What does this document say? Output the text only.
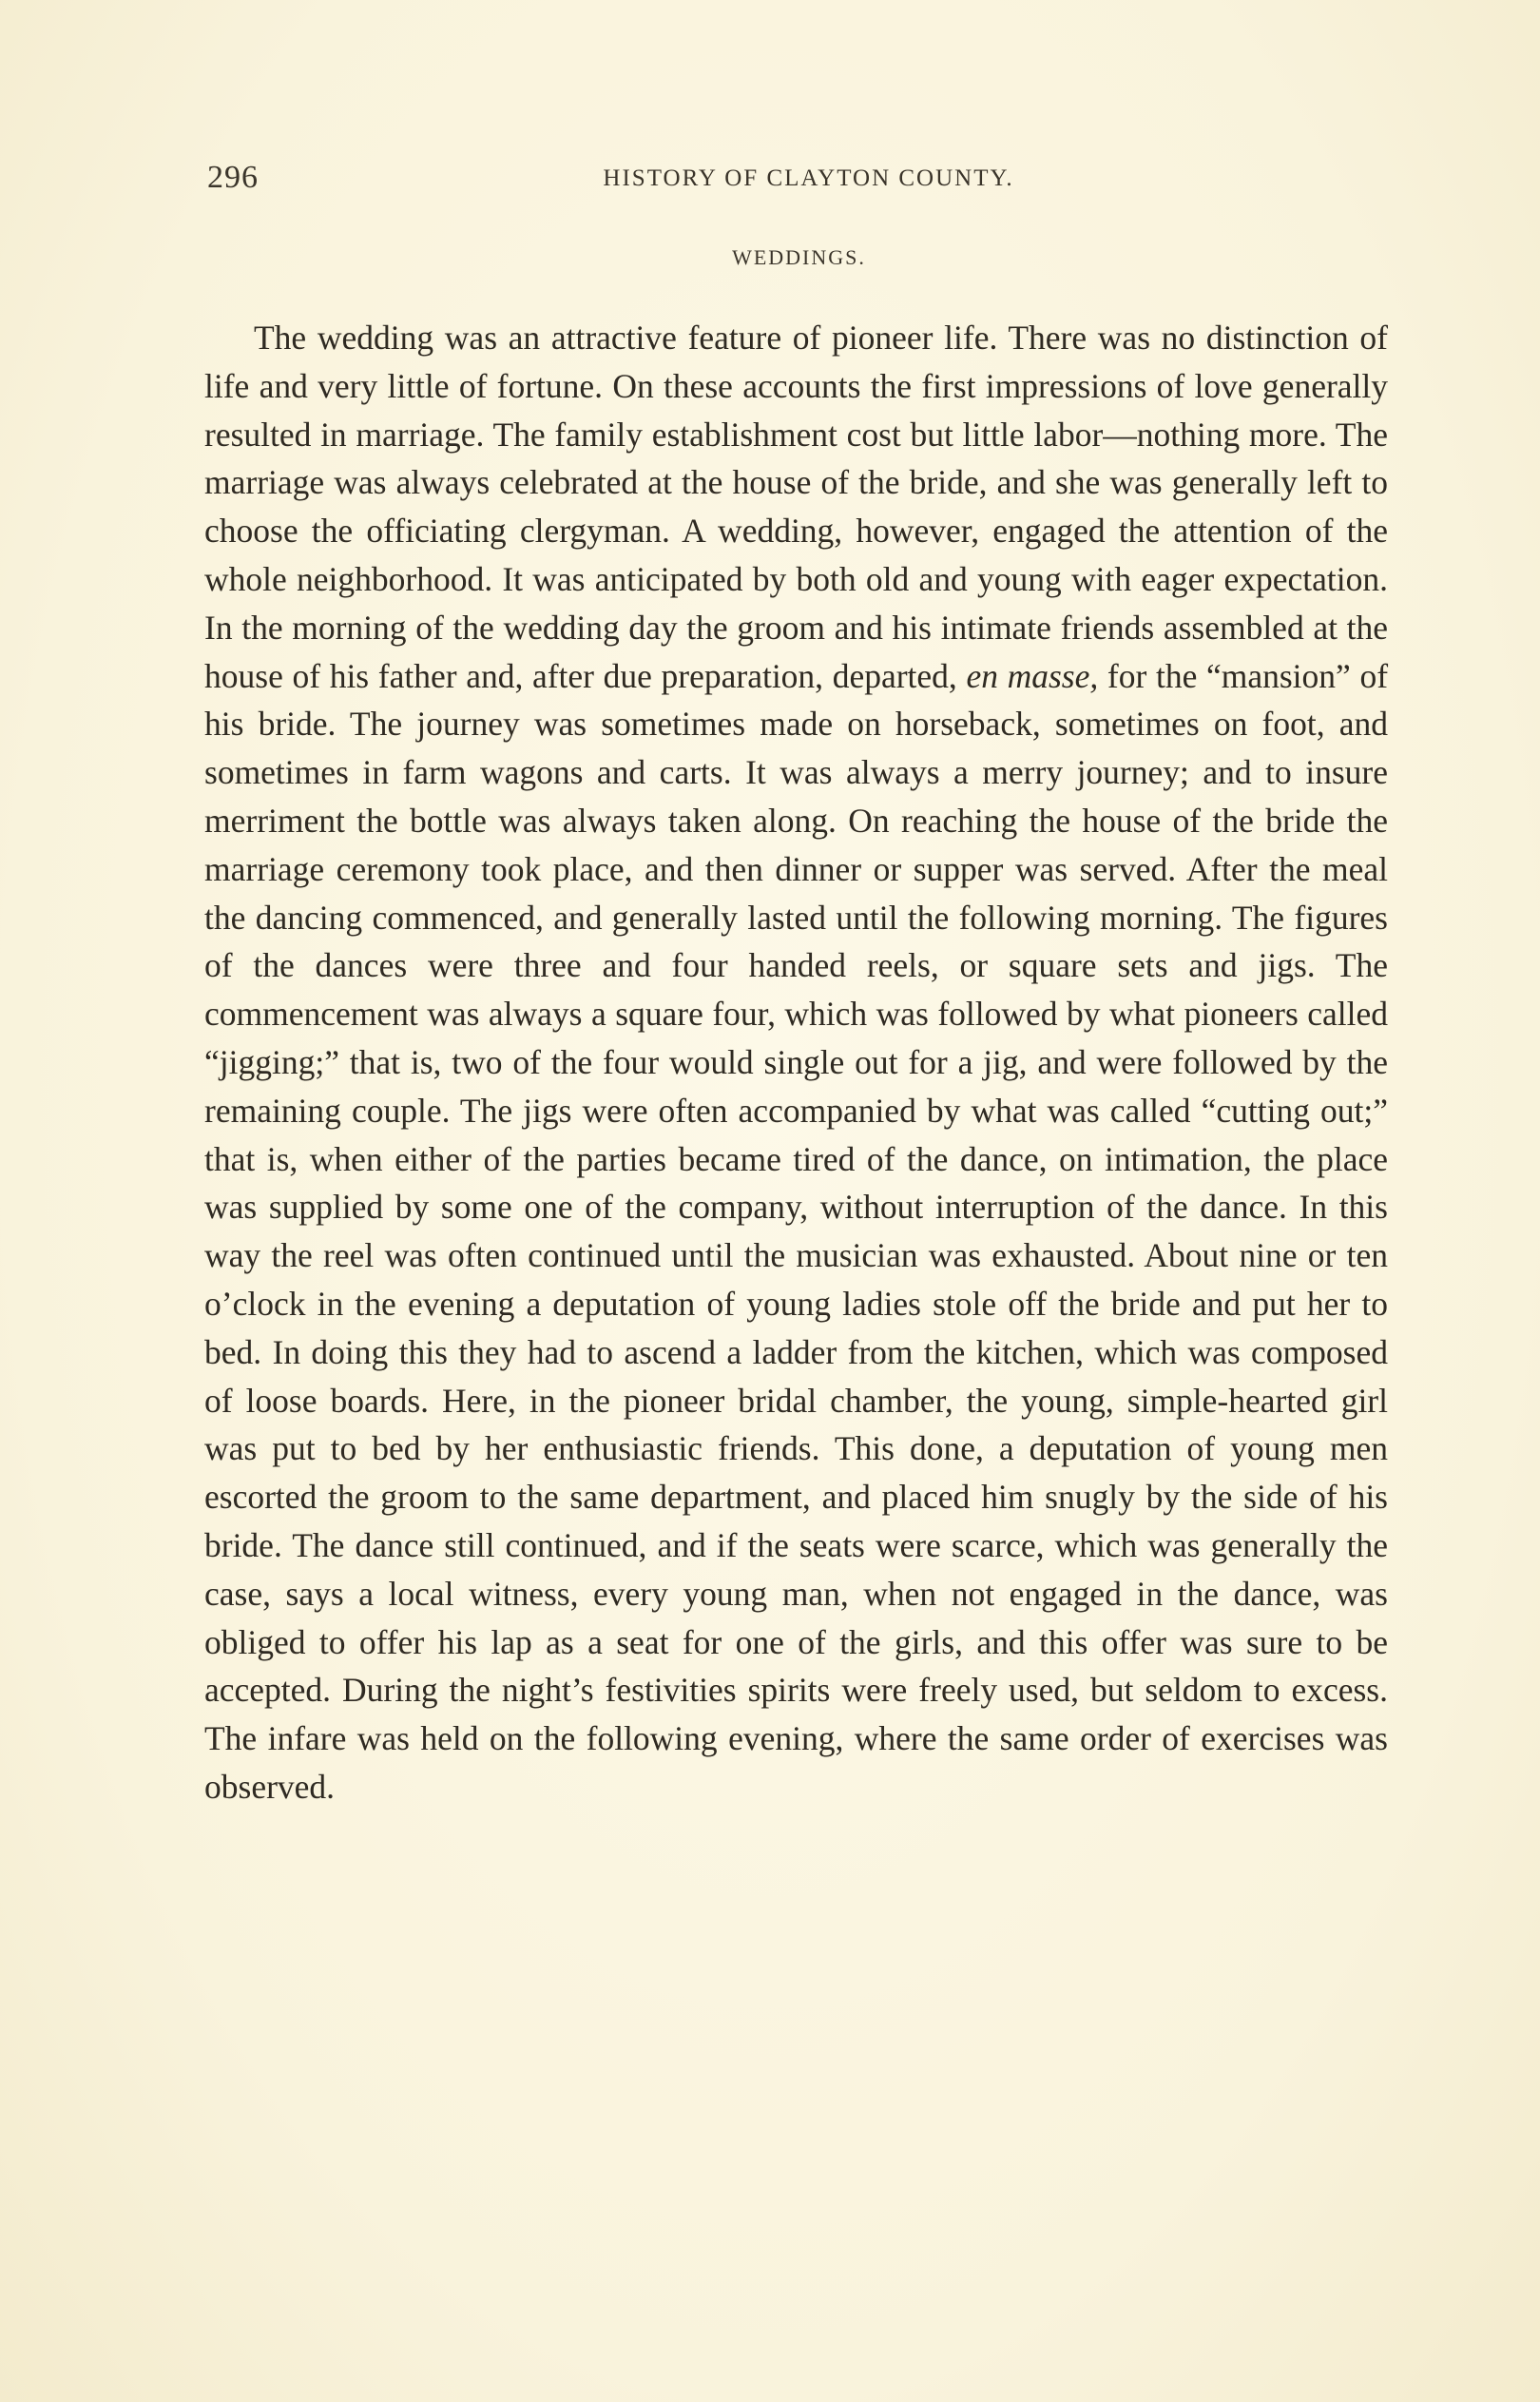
296	HISTORY OF CLAYTON COUNTY.
WEDDINGS.

The wedding was an attractive feature of pioneer life. There was no distinction of life and very little of fortune. On these accounts the first impressions of love generally resulted in marriage. The family establishment cost but little labor—nothing more. The marriage was always celebrated at the house of the bride, and she was generally left to choose the officiating clergyman. A wedding, however, engaged the attention of the whole neighborhood. It was anticipated by both old and young with eager expectation. In the morning of the wedding day the groom and his intimate friends assembled at the house of his father and, after due preparation, departed, en masse, for the “mansion” of his bride. The journey was sometimes made on horseback, sometimes on foot, and sometimes in farm wagons and carts. It was always a merry journey; and to insure merriment the bottle was always taken along. On reaching the house of the bride the marriage ceremony took place, and then dinner or supper was served. After the meal the dancing commenced, and generally lasted until the following morning. The figures of the dances were three and four handed reels, or square sets and jigs. The commencement was always a square four, which was followed by what pioneers called “jigging;” that is, two of the four would single out for a jig, and were followed by the remaining couple. The jigs were often accompanied by what was called “cutting out;” that is, when either of the parties became tired of the dance, on intimation, the place was supplied by some one of the company, without interruption of the dance. In this way the reel was often continued until the musician was exhausted. About nine or ten o’clock in the evening a deputation of young ladies stole off the bride and put her to bed. In doing this they had to ascend a ladder from the kitchen, which was composed of loose boards. Here, in the pioneer bridal chamber, the young, simple-hearted girl was put to bed by her enthusiastic friends. This done, a deputation of young men escorted the groom to the same department, and placed him snugly by the side of his bride. The dance still continued, and if the seats were scarce, which was generally the case, says a local witness, every young man, when not engaged in the dance, was obliged to offer his lap as a seat for one of the girls, and this offer was sure to be accepted. During the night’s festivities spirits were freely used, but seldom to excess. The infare was held on the following evening, where the same order of exercises was observed.
